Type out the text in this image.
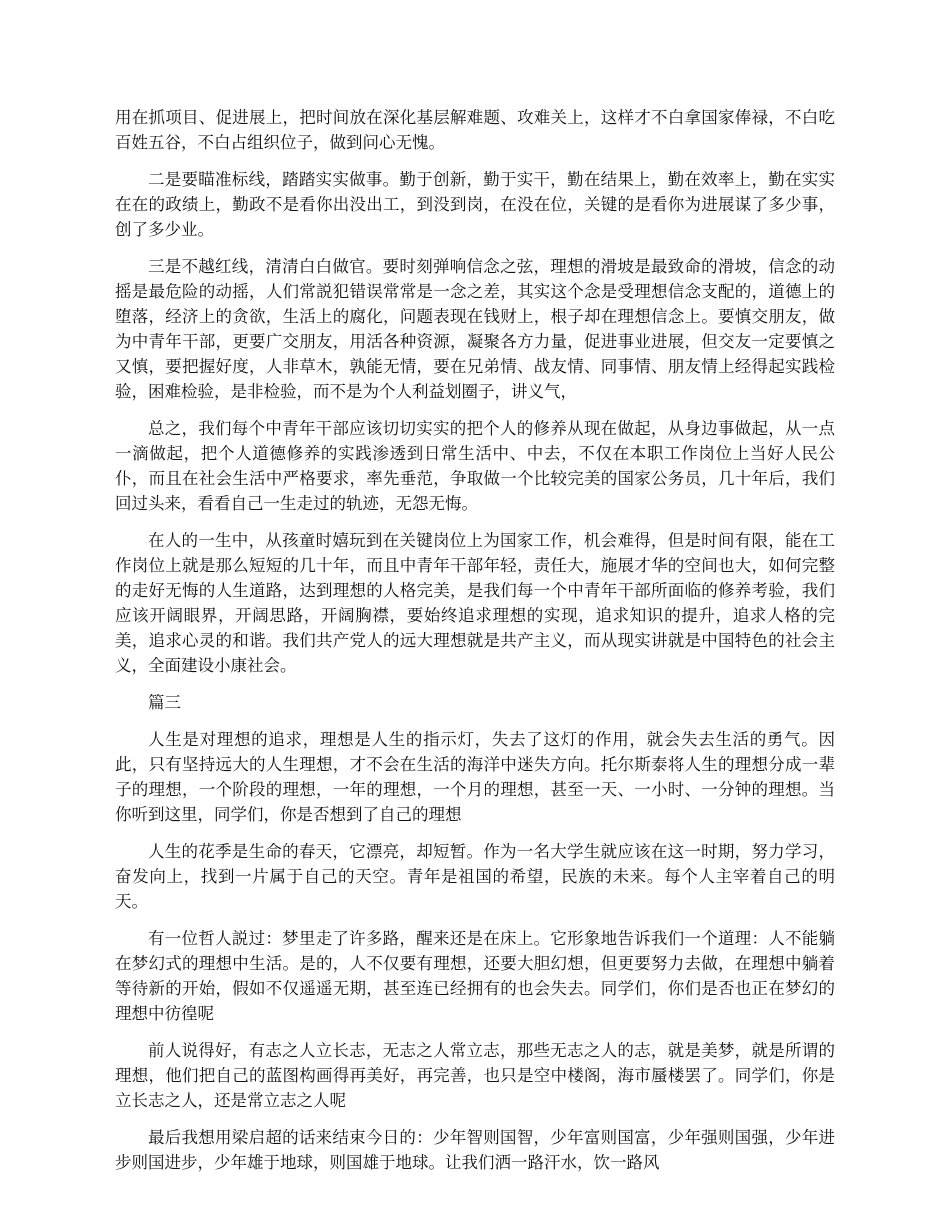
用在抓项目、促进展上，把时间放在深化基层解难题、攻难关上，这样才不白拿国家俸禄，不白吃百姓五谷，不白占组织位子，做到问心无愧。

二是要瞄准标线，踏踏实实做事。勤于创新，勤于实干，勤在结果上，勤在效率上，勤在实实在在的政绩上，勤政不是看你出没出工，到没到岗，在没在位，关键的是看你为进展谋了多少事，创了多少业。

三是不越红线，清清白白做官。要时刻弹响信念之弦，理想的滑坡是最致命的滑坡，信念的动摇是最危险的动摇，人们常説犯错误常常是一念之差，其实这个念是受理想信念支配的，道德上的堕落，经济上的贪欲，生活上的腐化，问题表现在钱财上，根子却在理想信念上。要慎交朋友，做为中青年干部，更要广交朋友，用活各种资源，凝聚各方力量，促进事业进展，但交友一定要慎之又慎，要把握好度，人非草木，孰能无情，要在兄弟情、战友情、同事情、朋友情上经得起实践检验，困难检验，是非检验，而不是为个人利益划圈子，讲义气，

总之，我们每个中青年干部应该切切实实的把个人的修养从现在做起，从身边事做起，从一点一滴做起，把个人道德修养的实践渗透到日常生活中、中去，不仅在本职工作岗位上当好人民公仆，而且在社会生活中严格要求，率先垂范，争取做一个比较完美的国家公务员，几十年后，我们回过头来，看看自己一生走过的轨迹，无怨无悔。

在人的一生中，从孩童时嬉玩到在关键岗位上为国家工作，机会难得，但是时间有限，能在工作岗位上就是那么短短的几十年，而且中青年干部年轻，责任大，施展才华的空间也大，如何完整的走好无悔的人生道路，达到理想的人格完美，是我们每一个中青年干部所面临的修养考验，我们应该开阔眼界，开阔思路，开阔胸襟，要始终追求理想的实现，追求知识的提升，追求人格的完美，追求心灵的和谐。我们共产党人的远大理想就是共产主义，而从现实讲就是中国特色的社会主义，全面建设小康社会。

篇三

人生是对理想的追求，理想是人生的指示灯，失去了这灯的作用，就会失去生活的勇气。因此，只有坚持远大的人生理想，才不会在生活的海洋中迷失方向。托尔斯泰将人生的理想分成一辈子的理想，一个阶段的理想，一年的理想，一个月的理想，甚至一天、一小时、一分钟的理想。当你听到这里，同学们，你是否想到了自己的理想

人生的花季是生命的春天，它漂亮，却短暂。作为一名大学生就应该在这一时期，努力学习，奋发向上，找到一片属于自己的天空。青年是祖国的希望，民族的未来。每个人主宰着自己的明天。

有一位哲人説过：梦里走了许多路，醒来还是在床上。它形象地告诉我们一个道理：人不能躺在梦幻式的理想中生活。是的，人不仅要有理想，还要大胆幻想，但更要努力去做，在理想中躺着等待新的开始，假如不仅遥遥无期，甚至连已经拥有的也会失去。同学们，你们是否也正在梦幻的理想中彷徨呢

前人说得好，有志之人立长志，无志之人常立志，那些无志之人的志，就是美梦，就是所谓的理想，他们把自己的蓝图构画得再美好，再完善，也只是空中楼阁，海市蜃楼罢了。同学们，你是立长志之人，还是常立志之人呢

最后我想用梁启超的话来结束今日的：少年智则国智，少年富则国富，少年强则国强，少年进步则国进步，少年雄于地球，则国雄于地球。让我们洒一路汗水，饮一路风
